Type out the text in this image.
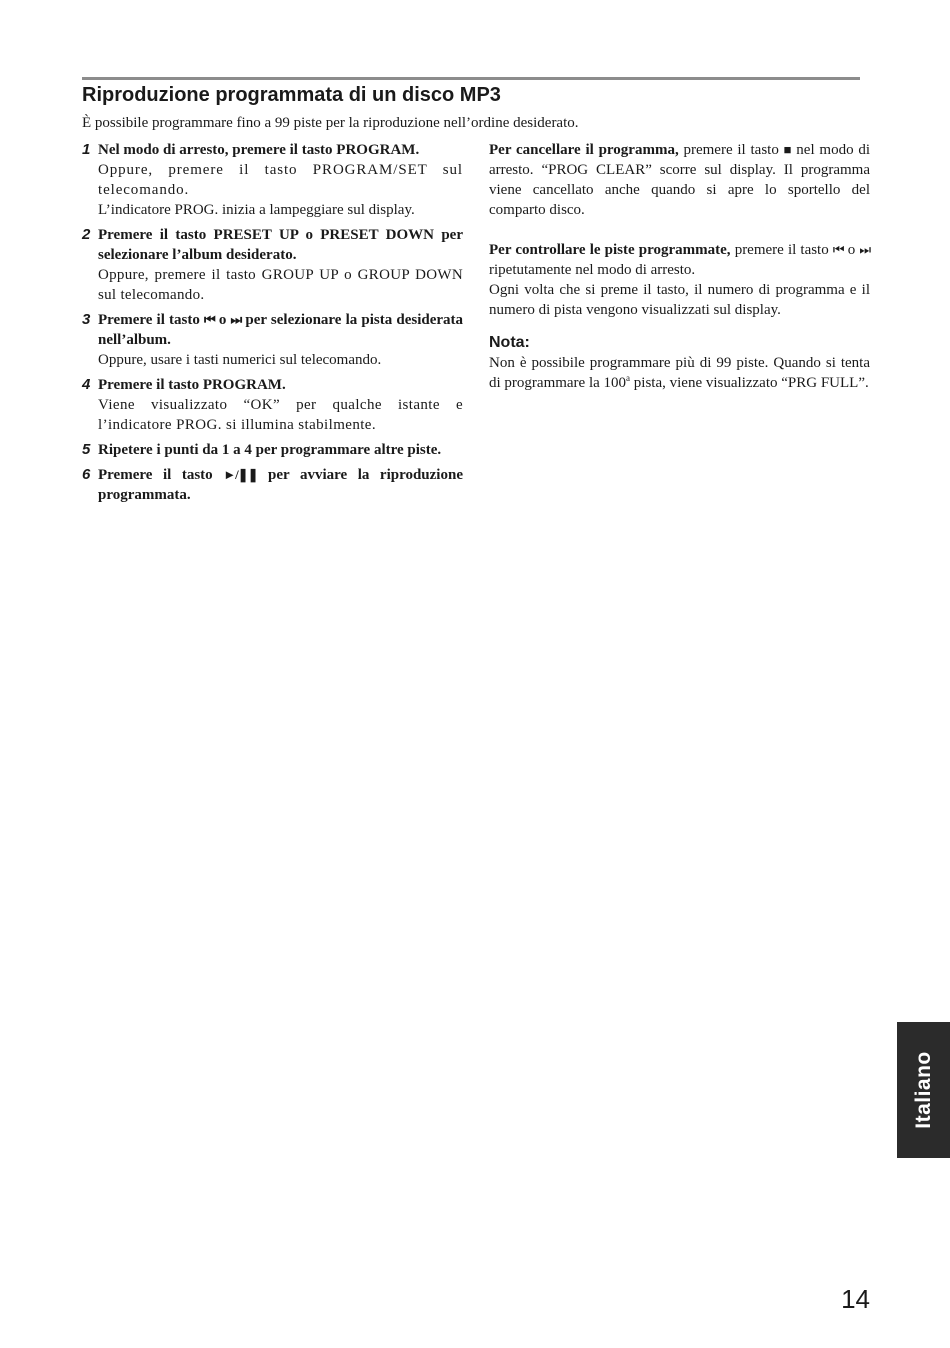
Riproduzione programmata di un disco MP3
È possibile programmare fino a 99 piste per la riproduzione nell’ordine desiderato.
1 Nel modo di arresto, premere il tasto PROGRAM.
Oppure, premere il tasto PROGRAM/SET sul telecomando.
L’indicatore PROG. inizia a lampeggiare sul display.
2 Premere il tasto PRESET UP o PRESET DOWN per selezionare l’album desiderato.
Oppure, premere il tasto GROUP UP o GROUP DOWN sul telecomando.
3 Premere il tasto ⏮ o ⏭ per selezionare la pista desiderata nell’album.
Oppure, usare i tasti numerici sul telecomando.
4 Premere il tasto PROGRAM.
Viene visualizzato “OK” per qualche istante e l’indicatore PROG. si illumina stabilmente.
5 Ripetere i punti da 1 a 4 per programmare altre piste.
6 Premere il tasto ►/❚❚ per avviare la riproduzione programmata.

Per cancellare il programma, premere il tasto ■ nel modo di arresto. “PROG CLEAR” scorre sul display. Il programma viene cancellato anche quando si apre lo sportello del comparto disco.

Per controllare le piste programmate, premere il tasto ⏮ o ⏭ ripetutamente nel modo di arresto.
Ogni volta che si preme il tasto, il numero di programma e il numero di pista vengono visualizzati sul display.

Nota:

Non è possibile programmare più di 99 piste. Quando si tenta di programmare la 100$^a$ pista, viene visualizzato “PRG FULL”.

Italiano
14
